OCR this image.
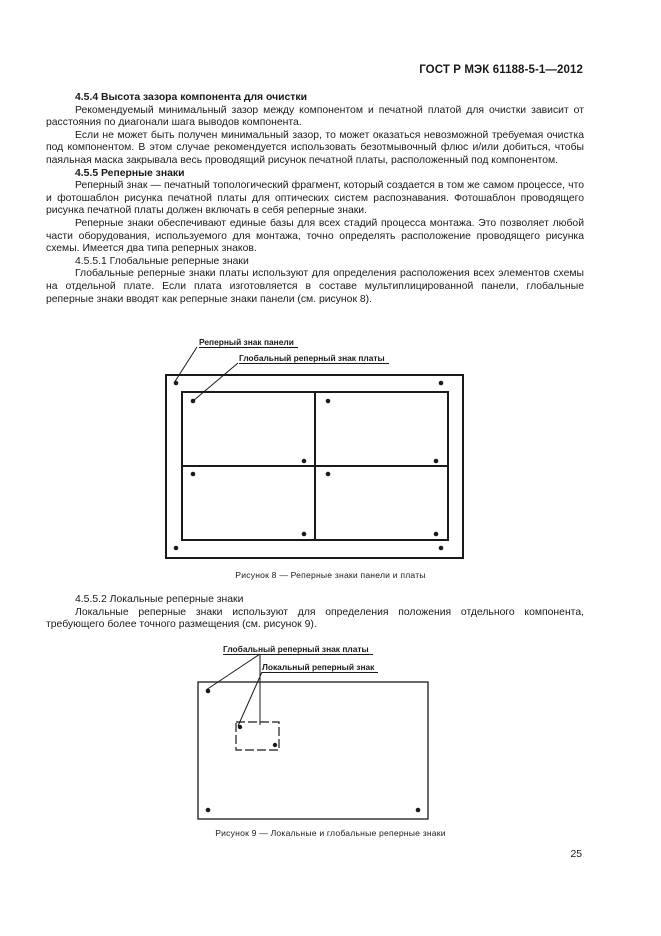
ГОСТ Р МЭК 61188-5-1—2012
4.5.4 Высота зазора компонента для очистки

Рекомендуемый минимальный зазор между компонентом и печатной платой для очистки зависит от расстояния по диагонали шага выводов компонента.

Если не может быть получен минимальный зазор, то может оказаться невозможной требуемая очистка под компонентом. В этом случае рекомендуется использовать безотмывочный флюс и/или добиться, чтобы паяльная маска закрывала весь проводящий рисунок печатной платы, расположенный под компонентом.

4.5.5 Реперные знаки

Реперный знак — печатный топологический фрагмент, который создается в том же самом процессе, что и фотошаблон рисунка печатной платы для оптических систем распознавания. Фотошаблон проводящего рисунка печатной платы должен включать в себя реперные знаки.

Реперные знаки обеспечивают единые базы для всех стадий процесса монтажа. Это позволяет любой части оборудования, используемого для монтажа, точно определять расположение проводящего рисунка схемы. Имеется два типа реперных знаков.

4.5.5.1 Глобальные реперные знаки

Глобальные реперные знаки платы используют для определения расположения всех элементов схемы на отдельной плате. Если плата изготовляется в составе мультиплицированной панели, глобальные реперные знаки вводят как реперные знаки панели (см. рисунок 8).

Реперный знак панели
Глобальный реперный знак платы
Рисунок 8 — Реперные знаки панели и платы

4.5.5.2 Локальные реперные знаки

Локальные реперные знаки используют для определения положения отдельного компонента, требующего более точного размещения (см. рисунок 9).

Глобальный реперный знак платы
Локальный реперный знак
Рисунок 9 — Локальные и глобальные реперные знаки
25
